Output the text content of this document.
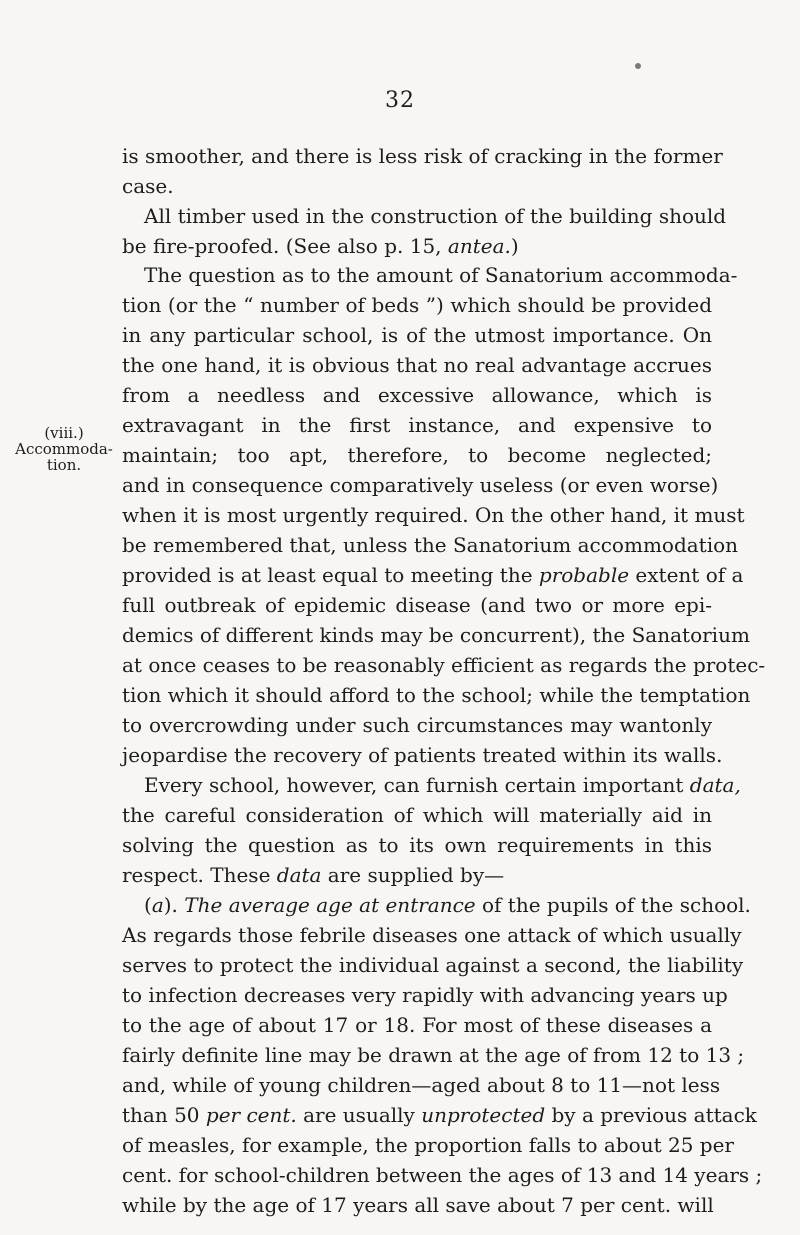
32
(viii.)
Accommoda-
tion.
is smoother, and there is less risk of cracking in the former
case.
All timber used in the construction of the building should
be fire-proofed. (See also p. 15, antea.)
The question as to the amount of Sanatorium accommoda-
tion (or the “ number of beds ”) which should be provided
in any particular school, is of the utmost importance. On
the one hand, it is obvious that no real advantage accrues
from a needless and excessive allowance, which is
extravagant in the first instance, and expensive to
maintain; too apt, therefore, to become neglected;
and in consequence comparatively useless (or even worse)
when it is most urgently required. On the other hand, it must
be remembered that, unless the Sanatorium accommodation
provided is at least equal to meeting the probable extent of a
full outbreak of epidemic disease (and two or more epi-
demics of different kinds may be concurrent), the Sanatorium
at once ceases to be reasonably efficient as regards the protec-
tion which it should afford to the school; while the temptation
to overcrowding under such circumstances may wantonly
jeopardise the recovery of patients treated within its walls.
Every school, however, can furnish certain important data,
the careful consideration of which will materially aid in
solving the question as to its own requirements in this
respect. These data are supplied by—
(a). The average age at entrance of the pupils of the school.
As regards those febrile diseases one attack of which usually
serves to protect the individual against a second, the liability
to infection decreases very rapidly with advancing years up
to the age of about 17 or 18. For most of these diseases a
fairly definite line may be drawn at the age of from 12 to 13 ;
and, while of young children—aged about 8 to 11—not less
than 50 per cent. are usually unprotected by a previous attack
of measles, for example, the proportion falls to about 25 per
cent. for school-children between the ages of 13 and 14 years ;
while by the age of 17 years all save about 7 per cent. will
